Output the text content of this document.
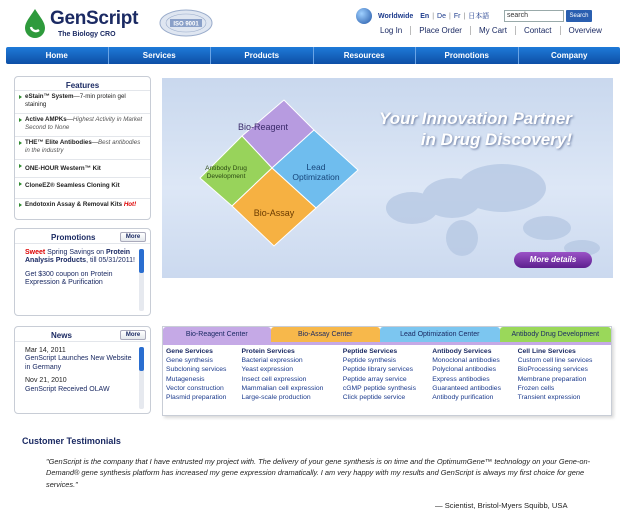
GenScript
The Biology CRO
ISO 9001
Worldwide En | De | Fr | 日本語	search	Search
Log In	Place Order	My Cart	Contact	Overview
Home	Services	Products	Resources	Promotions	Company
Features
eStain™ System—7-min protein gel staining
Active AMPKs—Highest Activity in Market Second to None
THE™ Elite Antibodies—Best antibodies in the industry
ONE-HOUR Western™ Kit
CloneEZ® Seamless Cloning Kit
Endotoxin Assay & Removal Kits Hot!
Promotions	More

Sweet Spring Savings on Protein Analysis Products, till 05/31/2011!

Get $300 coupon on Protein Expression & Purification

News	More

Mar 14, 2011
GenScript Launches New Website in Germany

Nov 21, 2010
GenScript Received OLAW

Bio-Reagent
Lead Optimization
Bio-Assay
Antibody Drug Development
Your Innovation Partner
in Drug Discovery!
More details
Bio-Reagent Center	Bio-Assay Center	Lead Optimization Center	Antibody Drug Development
Gene Services
Gene synthesis
Subcloning services
Mutagenesis
Vector construction
Plasmid preparation
Protein Services
Bacterial expression
Yeast expression
Insect cell expression
Mammalian cell expression
Large-scale production
Peptide Services
Peptide synthesis
Peptide library services
Peptide array service
cGMP peptide synthesis
Click peptide service
Antibody Services
Monoclonal antibodies
Polyclonal antibodies
Express antibodies
Guaranteed antibodies
Antibody purification
Cell Line Services
Custom cell line services
BioProcessing services
Membrane preparation
Frozen cells
Transient expression
Customer Testimonials
"GenScript is the company that I have entrusted my project with. The delivery of your gene synthesis is on time and the OptimumGene™ technology on your Gene-on-Demand® gene synthesis platform has increased my gene expression dramatically. I am very happy with my results and GenScript is always my first choice for gene services."
— Scientist, Bristol-Myers Squibb, USA
